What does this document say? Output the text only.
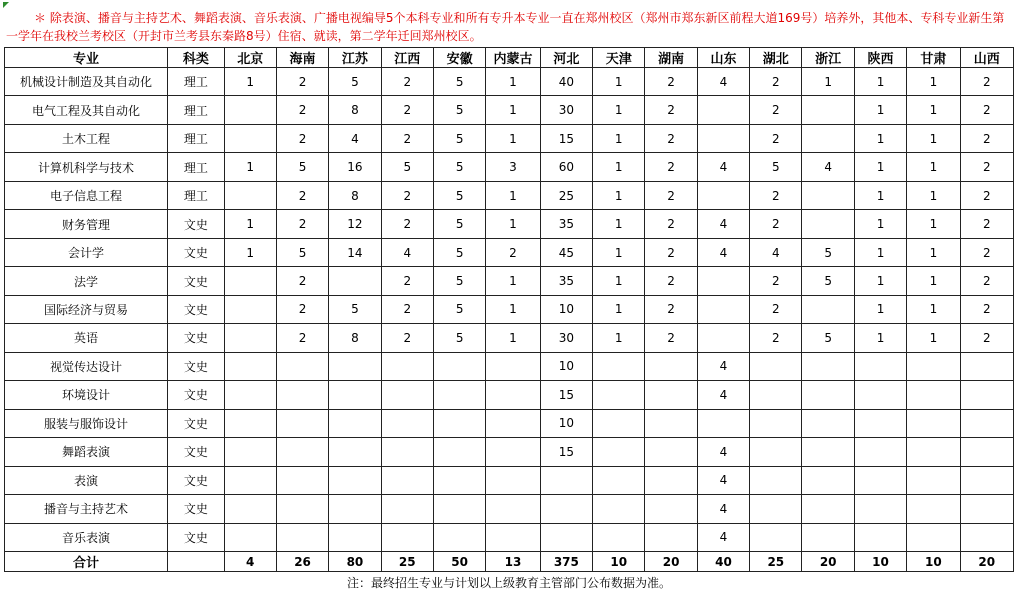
＊ 除表演、播音与主持艺术、舞蹈表演、音乐表演、广播电视编导5个本科专业和所有专升本专业一直在郑州校区（郑州市郑东新区前程大道169号）培养外，其他本、专科专业新生第一学年在我校兰考校区（开封市兰考县东秦路8号）住宿、就读，第二学年迁回郑州校区。
专业	科类	北京	海南	江苏	江西	安徽	内蒙古	河北	天津	湖南	山东	湖北	浙江	陕西	甘肃	山西
机械设计制造及其自动化	理工	1	2	5	2	5	1	40	1	2	4	2	1	1	1	2
电气工程及其自动化	理工		2	8	2	5	1	30	1	2		2		1	1	2
土木工程	理工		2	4	2	5	1	15	1	2		2		1	1	2
计算机科学与技术	理工	1	5	16	5	5	3	60	1	2	4	5	4	1	1	2
电子信息工程	理工		2	8	2	5	1	25	1	2		2		1	1	2
财务管理	文史	1	2	12	2	5	1	35	1	2	4	2		1	1	2
会计学	文史	1	5	14	4	5	2	45	1	2	4	4	5	1	1	2
法学	文史		2		2	5	1	35	1	2		2	5	1	1	2
国际经济与贸易	文史		2	5	2	5	1	10	1	2		2		1	1	2
英语	文史		2	8	2	5	1	30	1	2		2	5	1	1	2
视觉传达设计	文史							10			4					
环境设计	文史							15			4					
服装与服饰设计	文史							10								
舞蹈表演	文史							15			4					
表演	文史										4					
播音与主持艺术	文史										4					
音乐表演	文史										4					
合计		4	26	80	25	50	13	375	10	20	40	25	20	10	10	20
注：最终招生专业与计划以上级教育主管部门公布数据为准。
